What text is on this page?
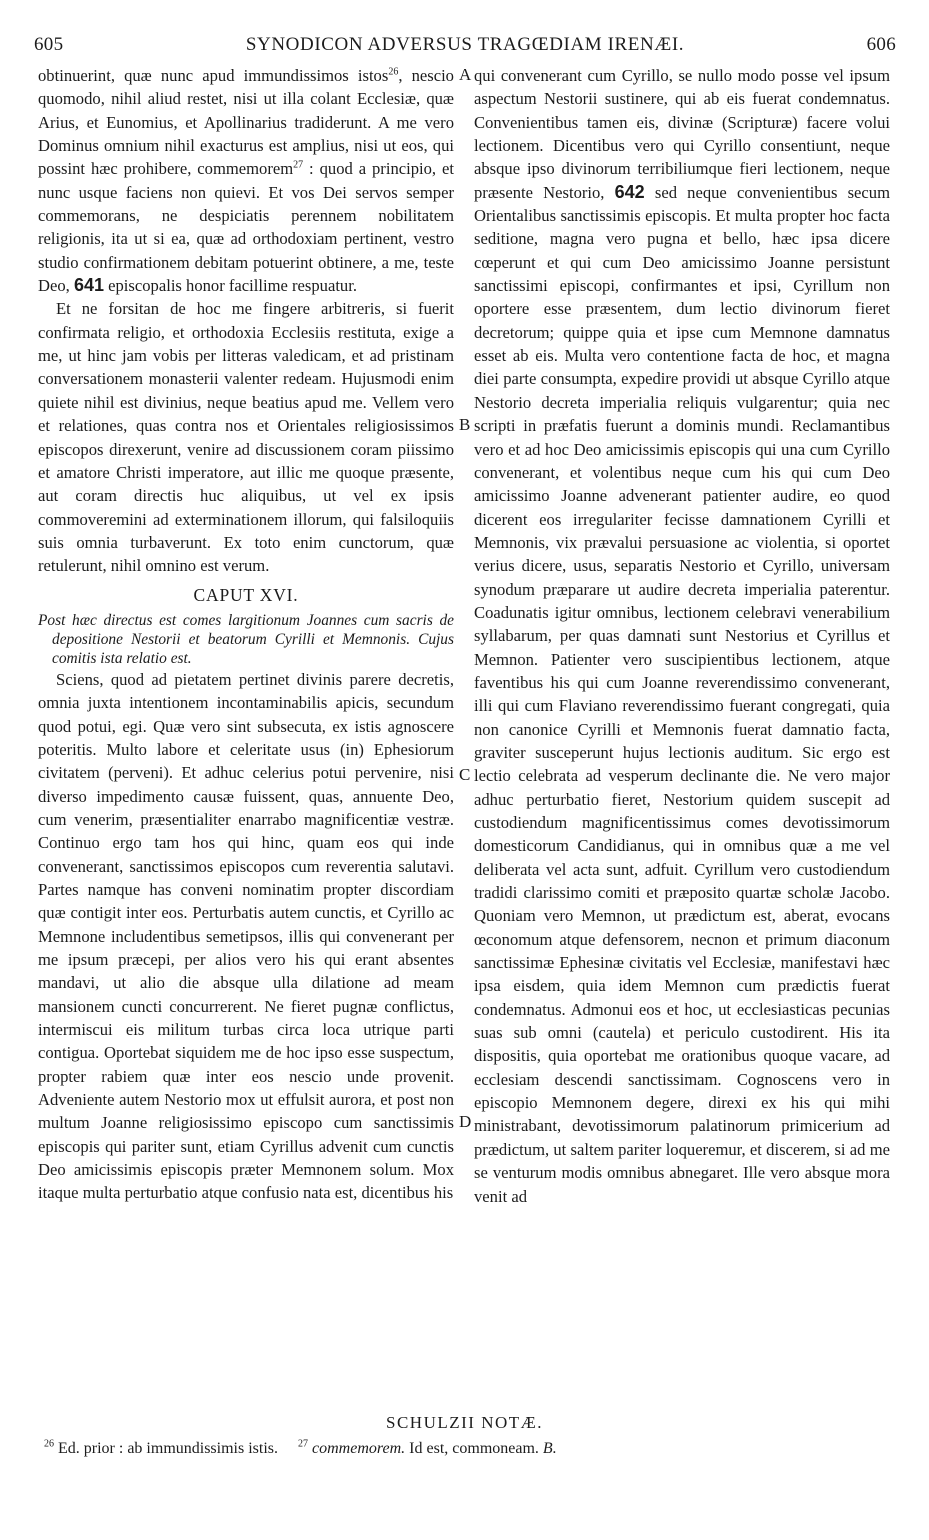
605	SYNODICON ADVERSUS TRAGŒDIAM IRENÆI.	606

obtinuerint, quæ nunc apud immundissimos istos$^{26}$, nescio quomodo, nihil aliud restet, nisi ut illa colant Ecclesiæ, quæ Arius, et Eunomius, et Apollinarius tradiderunt. A me vero Dominus omnium nihil exacturus est amplius, nisi ut eos, qui possint hæc prohibere, commemorem$^{27}$ : quod a principio, et nunc usque faciens non quievi. Et vos Dei servos semper commemorans, ne despiciatis perennem nobilitatem religionis, ita ut si ea, quæ ad orthodoxiam pertinent, vestro studio confirmationem debitam potuerint obtinere, a me, teste Deo, 641 episcopalis honor facillime respuatur.

Et ne forsitan de hoc me fingere arbitreris, si fuerit confirmata religio, et orthodoxia Ecclesiis restituta, exige a me, ut hinc jam vobis per litteras valedicam, et ad pristinam conversationem monasterii valenter redeam. Hujusmodi enim quiete nihil est divinius, neque beatius apud me. Vellem vero et relationes, quas contra nos et Orientales religiosissimos episcopos direxerunt, venire ad discussionem coram piissimo et amatore Christi imperatore, aut illic me quoque præsente, aut coram directis huc aliquibus, ut vel ex ipsis commoveremini ad exterminationem illorum, qui falsiloquiis suis omnia turbaverunt. Ex toto enim cunctorum, quæ retulerunt, nihil omnino est verum.

CAPUT XVI.

Post hæc directus est comes largitionum Joannes cum sacris de depositione Nestorii et beatorum Cyrilli et Memnonis. Cujus comitis ista relatio est.

Sciens, quod ad pietatem pertinet divinis parere decretis, omnia juxta intentionem incontaminabilis apicis, secundum quod potui, egi. Quæ vero sint subsecuta, ex istis agnoscere poteritis. Multo labore et celeritate usus (in) Ephesiorum civitatem (perveni). Et adhuc celerius potui pervenire, nisi diverso impedimento causæ fuissent, quas, annuente Deo, cum venerim, præsentialiter enarrabo magnificentiæ vestræ. Continuo ergo tam hos qui hinc, quam eos qui inde convenerant, sanctissimos episcopos cum reverentia salutavi. Partes namque has conveni nominatim propter discordiam quæ contigit inter eos. Perturbatis autem cunctis, et Cyrillo ac Memnone includentibus semetipsos, illis qui convenerant per me ipsum præcepi, per alios vero his qui erant absentes mandavi, ut alio die absque ulla dilatione ad meam mansionem cuncti concurrerent. Ne fieret pugnæ conflictus, intermiscui eis militum turbas circa loca utrique parti contigua. Oportebat siquidem me de hoc ipso esse suspectum, propter rabiem quæ inter eos nescio unde provenit. Adveniente autem Nestorio mox ut effulsit aurora, et post non multum Joanne religiosissimo episcopo cum sanctissimis episcopis qui pariter sunt, etiam Cyrillus advenit cum cunctis Deo amicissimis episcopis præter Memnonem solum. Mox itaque multa perturbatio atque confusio nata est, dicentibus his

qui convenerant cum Cyrillo, se nullo modo posse vel ipsum aspectum Nestorii sustinere, qui ab eis fuerat condemnatus. Convenientibus tamen eis, divinæ (Scripturæ) facere volui lectionem. Dicentibus vero qui Cyrillo consentiunt, neque absque ipso divinorum terribiliumque fieri lectionem, neque præsente Nestorio, 642 sed neque convenientibus secum Orientalibus sanctissimis episcopis. Et multa propter hoc facta seditione, magna vero pugna et bello, hæc ipsa dicere cœperunt et qui cum Deo amicissimo Joanne persistunt sanctissimi episcopi, confirmantes et ipsi, Cyrillum non oportere esse præsentem, dum lectio divinorum fieret decretorum; quippe quia et ipse cum Memnone damnatus esset ab eis. Multa vero contentione facta de hoc, et magna diei parte consumpta, expedire providi ut absque Cyrillo atque Nestorio decreta imperialia reliquis vulgarentur; quia nec scripti in præfatis fuerunt a dominis mundi. Reclamantibus vero et ad hoc Deo amicissimis episcopis qui una cum Cyrillo convenerant, et volentibus neque cum his qui cum Deo amicissimo Joanne advenerant patienter audire, eo quod dicerent eos irregulariter fecisse damnationem Cyrilli et Memnonis, vix prævalui persuasione ac violentia, si oportet verius dicere, usus, separatis Nestorio et Cyrillo, universam synodum præparare ut audire decreta imperialia paterentur. Coadunatis igitur omnibus, lectionem celebravi venerabilium syllabarum, per quas damnati sunt Nestorius et Cyrillus et Memnon. Patienter vero suscipientibus lectionem, atque faventibus his qui cum Joanne reverendissimo convenerant, illi qui cum Flaviano reverendissimo fuerant congregati, quia non canonice Cyrilli et Memnonis fuerat damnatio facta, graviter susceperunt hujus lectionis auditum. Sic ergo est lectio celebrata ad vesperum declinante die. Ne vero major adhuc perturbatio fieret, Nestorium quidem suscepit ad custodiendum magnificentissimus comes devotissimorum domesticorum Candidianus, qui in omnibus quæ a me vel deliberata vel acta sunt, adfuit. Cyrillum vero custodiendum tradidi clarissimo comiti et præposito quartæ scholæ Jacobo. Quoniam vero Memnon, ut prædictum est, aberat, evocans œconomum atque defensorem, necnon et primum diaconum sanctissimæ Ephesinæ civitatis vel Ecclesiæ, manifestavi hæc ipsa eisdem, quia idem Memnon cum prædictis fuerat condemnatus. Admonui eos et hoc, ut ecclesiasticas pecunias suas sub omni (cautela) et periculo custodirent. His ita dispositis, quia oportebat me orationibus quoque vacare, ad ecclesiam descendi sanctissimam. Cognoscens vero in episcopio Memnonem degere, direxi ex his qui mihi ministrabant, devotissimorum palatinorum primicerium ad prædictum, ut saltem pariter loqueremur, et discerem, si ad me se venturum modis omnibus abnegaret. Ille vero absque mora venit ad

A
B
C
D
SCHULZII NOTÆ.
$^{26}$ Ed. prior : ab immundissimis istis. $^{27}$ commemorem. Id est, commoneam. B.
